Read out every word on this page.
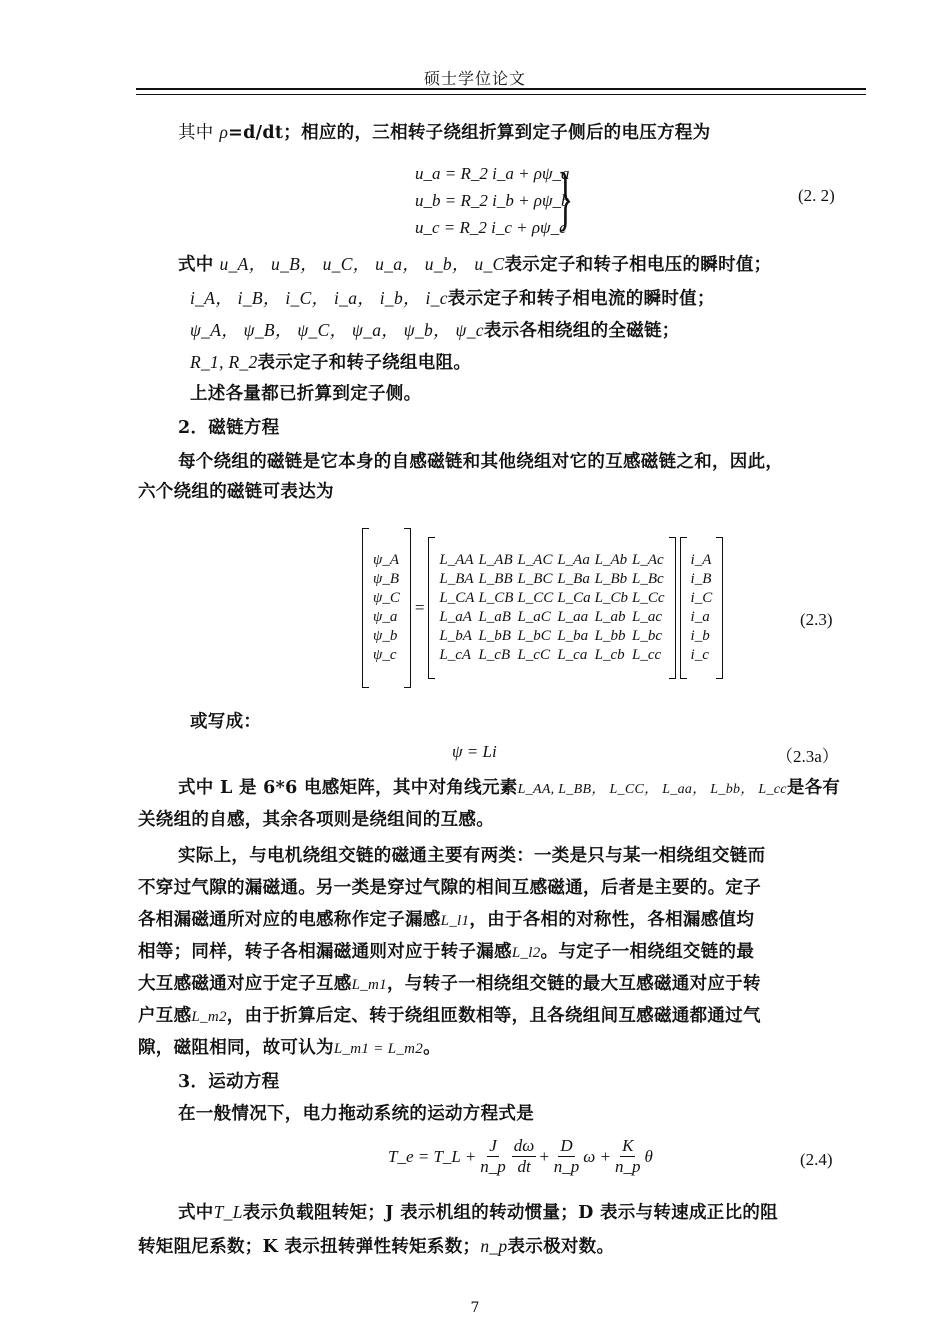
硕士学位论文
其中 ρ=d/dt；相应的，三相转子绕组折算到定子侧后的电压方程为
u_a = R_2 i_a + ρψ_a
u_b = R_2 i_b + ρψ_b
u_c = R_2 i_c + ρψ_c
}	(2. 2)
式中 u_A， u_B， u_C， u_a， u_b， u_C表示定子和转子相电压的瞬时值；
i_A， i_B， i_C， i_a， i_b， i_c表示定子和转子相电流的瞬时值；
ψ_A， ψ_B， ψ_C， ψ_a， ψ_b， ψ_c表示各相绕组的全磁链；
R_1, R_2表示定子和转子绕组电阻。
上述各量都已折算到定子侧。
2．磁链方程
每个绕组的磁链是它本身的自感磁链和其他绕组对它的互感磁链之和，因此，
六个绕组的磁链可表达为
ψ_A
ψ_B
ψ_C
ψ_a
ψ_b
ψ_c
=
L_AA	L_AB	L_AC	L_Aa	L_Ab	L_Ac
L_BA	L_BB	L_BC	L_Ba	L_Bb	L_Bc
L_CA	L_CB	L_CC	L_Ca	L_Cb	L_Cc
L_aA	L_aB	L_aC	L_aa	L_ab	L_ac
L_bA	L_bB	L_bC	L_ba	L_bb	L_bc
L_cA	L_cB	L_cC	L_ca	L_cb	L_cc
i_A
i_B
i_C
i_a
i_b
i_c
(2.3)
或写成：
ψ = Li	（2.3a）
式中 L 是 6*6 电感矩阵，其中对角线元素L_AA, L_BB， L_CC， L_aa， L_bb， L_cc是各有
关绕组的自感，其余各项则是绕组间的互感。
实际上，与电机绕组交链的磁通主要有两类：一类是只与某一相绕组交链而
不穿过气隙的漏磁通。另一类是穿过气隙的相间互感磁通，后者是主要的。定子
各相漏磁通所对应的电感称作定子漏感L_l1，由于各相的对称性，各相漏感值均
相等；同样，转子各相漏磁通则对应于转子漏感L_l2。与定子一相绕组交链的最
大互感磁通对应于定子互感L_m1，与转子一相绕组交链的最大互感磁通对应于转
户互感L_m2，由于折算后定、转于绕组匝数相等，且各绕组间互感磁通都通过气
隙，磁阻相同，故可认为L_m1 = L_m2。
3．运动方程
在一般情况下，电力拖动系统的运动方程式是
T_e = T_L + $\frac{J}{n\_p} \frac{d\omega}{dt} + \frac{D}{n\_p}$ $\omega + \frac{K}{n\_p}$ θ	(2.4)
式中T_L表示负载阻转矩；J 表示机组的转动惯量；D 表示与转速成正比的阻
转矩阻尼系数；K 表示扭转弹性转矩系数；n_p表示极对数。
7
